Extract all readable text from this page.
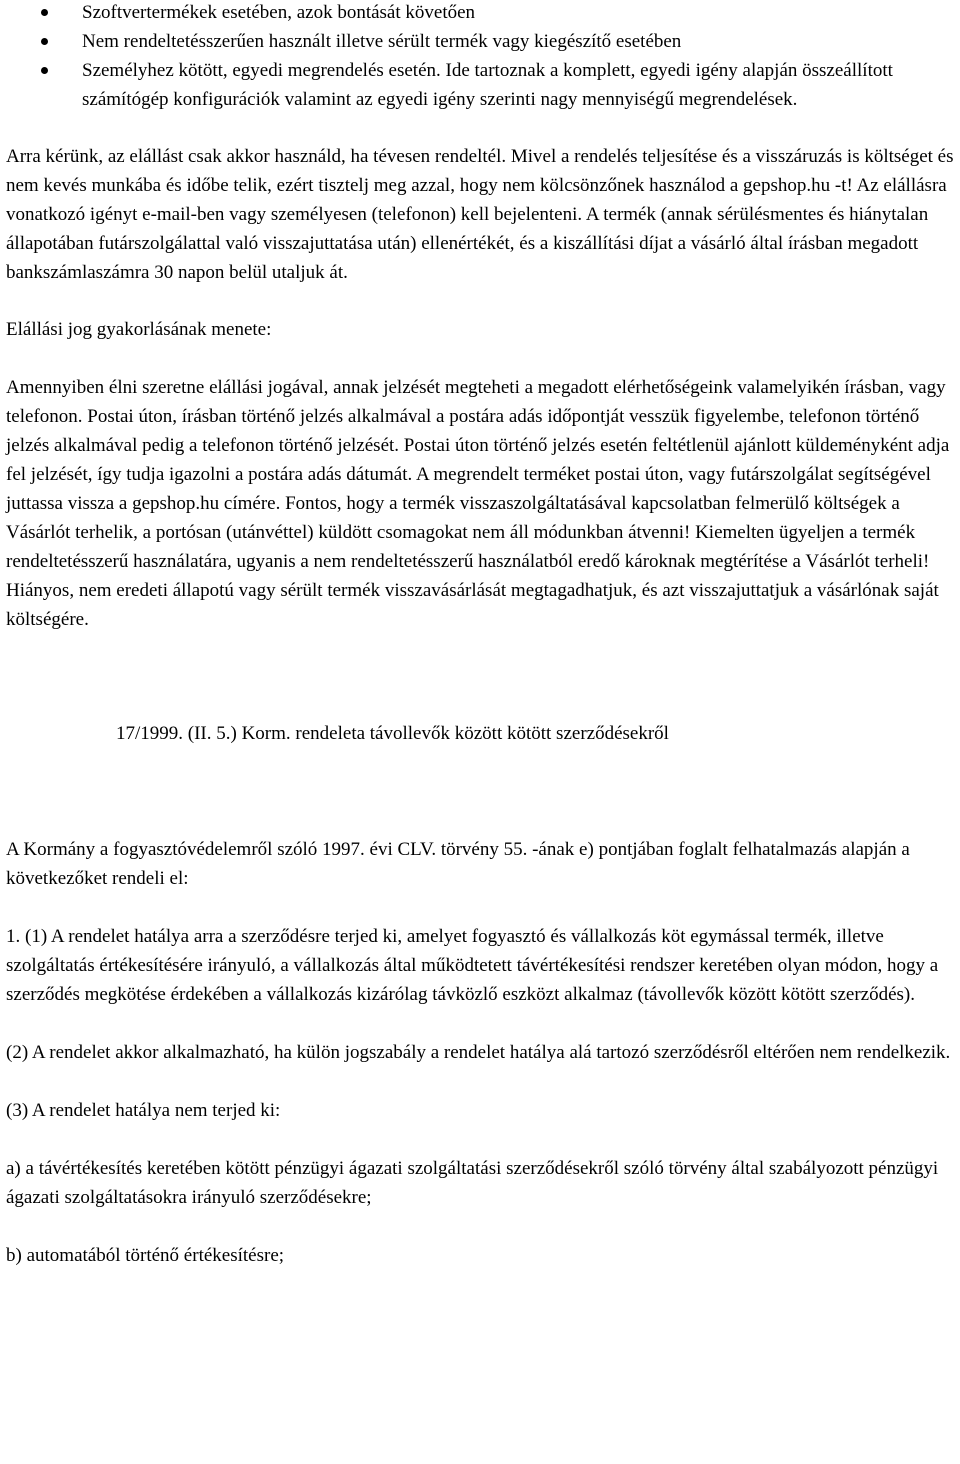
Szoftvertermékek esetében, azok bontását követően
Nem rendeltetésszerűen használt illetve sérült termék vagy kiegészítő esetében
Személyhez kötött, egyedi megrendelés esetén. Ide tartoznak a komplett, egyedi igény alapján összeállított számítógép konfigurációk valamint az egyedi igény szerinti nagy mennyiségű megrendelések.

Arra kérünk, az elállást csak akkor használd, ha tévesen rendeltél. Mivel a rendelés teljesítése és a visszáruzás is költséget és nem kevés munkába és időbe telik, ezért tisztelj meg azzal, hogy nem kölcsönzőnek használod a gepshop.hu -t! Az elállásra vonatkozó igényt e-mail-ben vagy személyesen (telefonon) kell bejelenteni. A termék (annak sérülésmentes és hiánytalan állapotában futárszolgálattal való visszajuttatása után) ellenértékét, és a kiszállítási díjat a vásárló által írásban megadott bankszámlaszámra 30 napon belül utaljuk át.

Elállási jog gyakorlásának menete:

Amennyiben élni szeretne elállási jogával, annak jelzését megteheti a megadott elérhetőségeink valamelyikén írásban, vagy telefonon. Postai úton, írásban történő jelzés alkalmával a postára adás időpontját vesszük figyelembe, telefonon történő jelzés alkalmával pedig a telefonon történő jelzését. Postai úton történő jelzés esetén feltétlenül ajánlott küldeményként adja fel jelzését, így tudja igazolni a postára adás dátumát. A megrendelt terméket postai úton, vagy futárszolgálat segítségével juttassa vissza a gepshop.hu címére. Fontos, hogy a termék visszaszolgáltatásával kapcsolatban felmerülő költségek a Vásárlót terhelik, a portósan (utánvéttel) küldött csomagokat nem áll módunkban átvenni! Kiemelten ügyeljen a termék rendeltetésszerű használatára, ugyanis a nem rendeltetésszerű használatból eredő károknak megtérítése a Vásárlót terheli! Hiányos, nem eredeti állapotú vagy sérült termék visszavásárlását megtagadhatjuk, és azt visszajuttatjuk a vásárlónak saját költségére.

17/1999. (II. 5.) Korm. rendeleta távollevők között kötött szerződésekről

A Kormány a fogyasztóvédelemről szóló 1997. évi CLV. törvény 55. -ának e) pontjában foglalt felhatalmazás alapján a következőket rendeli el:

1. (1) A rendelet hatálya arra a szerződésre terjed ki, amelyet fogyasztó és vállalkozás köt egymással termék, illetve szolgáltatás értékesítésére irányuló, a vállalkozás által működtetett távértékesítési rendszer keretében olyan módon, hogy a szerződés megkötése érdekében a vállalkozás kizárólag távközlő eszközt alkalmaz (távollevők között kötött szerződés).

(2) A rendelet akkor alkalmazható, ha külön jogszabály a rendelet hatálya alá tartozó szerződésről eltérően nem rendelkezik.

(3) A rendelet hatálya nem terjed ki:

a) a távértékesítés keretében kötött pénzügyi ágazati szolgáltatási szerződésekről szóló törvény által szabályozott pénzügyi ágazati szolgáltatásokra irányuló szerződésekre;

b) automatából történő értékesítésre;
